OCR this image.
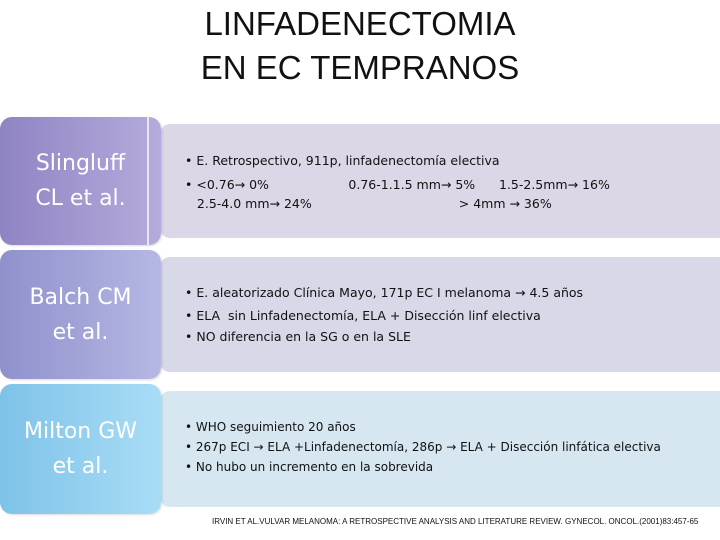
LINFADENECTOMIA
EN EC TEMPRANOS
Slingluff
CL et al.
• E. Retrospectivo, 911p, linfadenectomía electiva
• <0.76→ 0%                    0.76-1.1.5 mm→ 5%      1.5-2.5mm→ 16%
2.5-4.0 mm→ 24%                                     > 4mm → 36%
Balch CM
et al.
• E. aleatorizado Clínica Mayo, 171p EC I melanoma → 4.5 años
• ELA  sin Linfadenectomía, ELA + Disección linf electiva
• NO diferencia en la SG o en la SLE
Milton GW
et al.
• WHO seguimiento 20 años
• 267p ECI → ELA +Linfadenectomía, 286p → ELA + Disección linfática electiva
• No hubo un incremento en la sobrevida
IRVIN ET AL.VULVAR MELANOMA: A RETROSPECTIVE ANALYSIS AND LITERATURE REVIEW. GYNECOL. ONCOL.(2001)83:457-65
